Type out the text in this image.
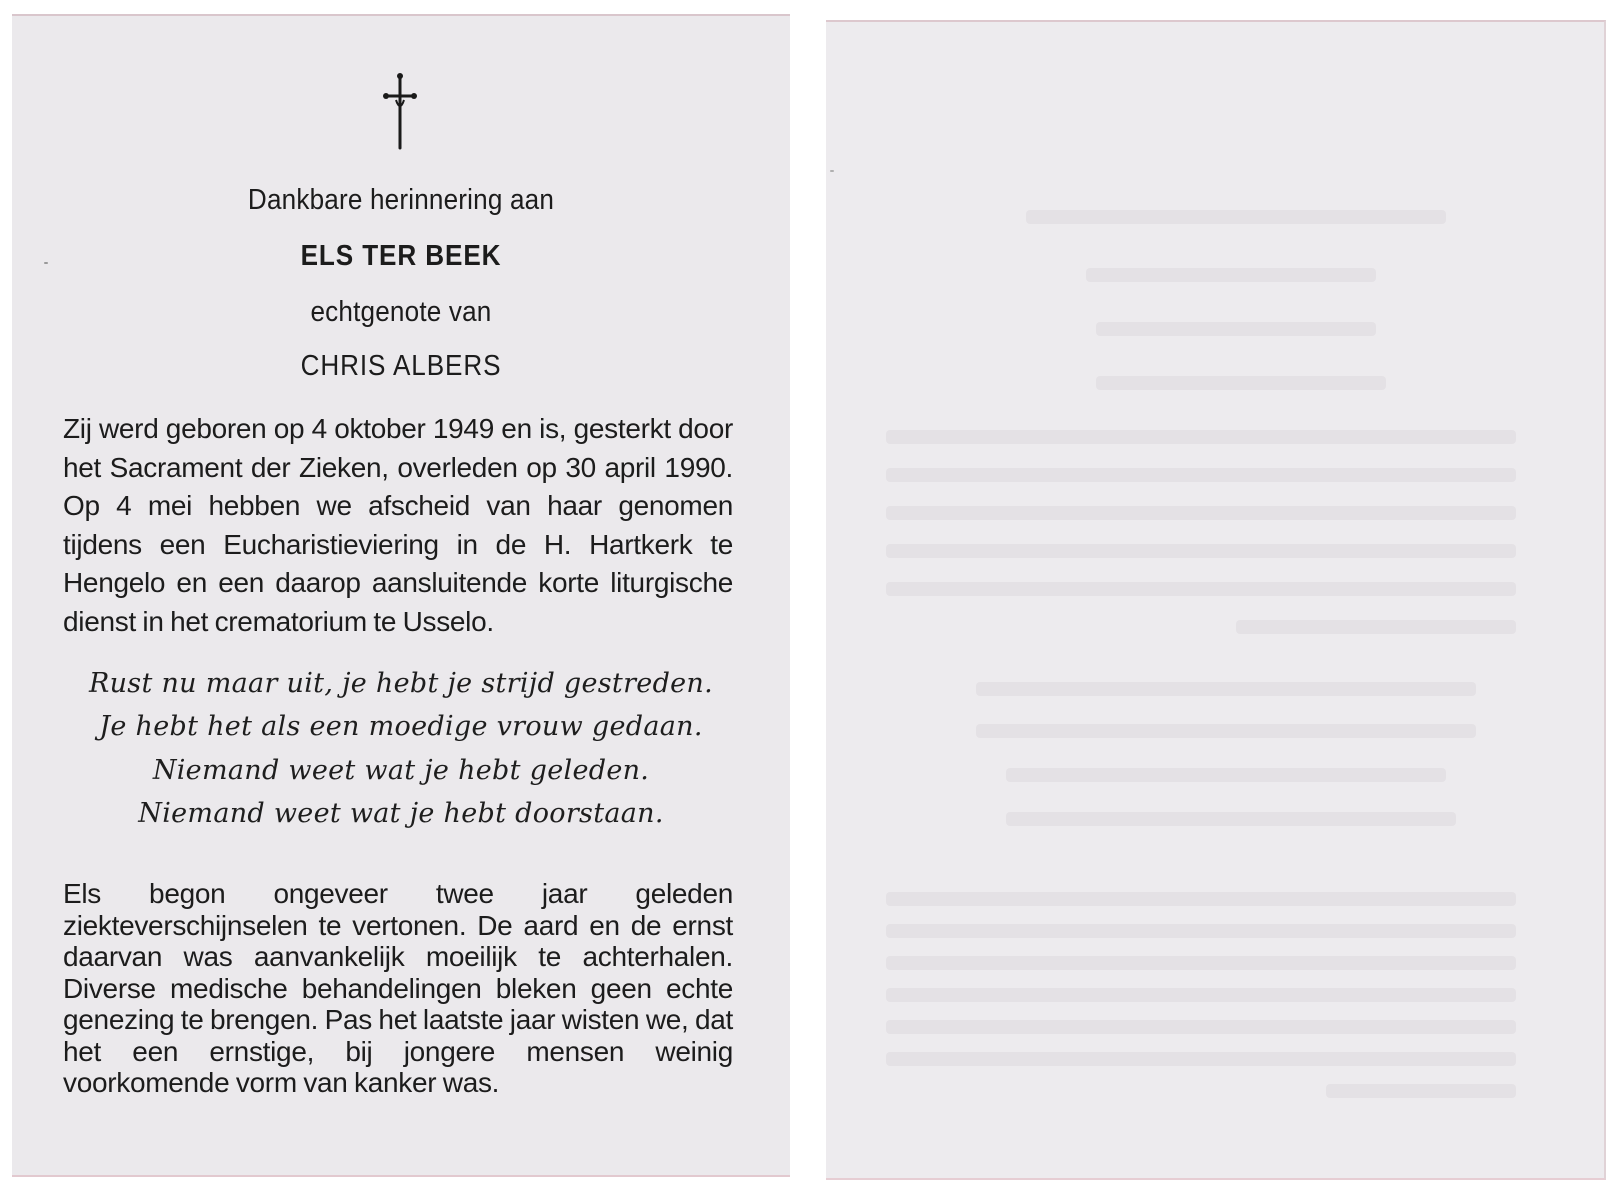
Dankbare herinnering aan
ELS TER BEEK
echtgenote van
CHRIS ALBERS
Zij werd geboren op 4 oktober 1949 en is, gesterkt door het Sacrament der Zieken, overleden op 30 april 1990. Op 4 mei hebben we afscheid van haar genomen tijdens een Eucharistieviering in de H. Hartkerk te Hengelo en een daarop aansluitende korte liturgische dienst in het crematorium te Usselo.
Rust nu maar uit, je hebt je strijd gestreden.
Je hebt het als een moedige vrouw gedaan.
Niemand weet wat je hebt geleden.
Niemand weet wat je hebt doorstaan.
Els begon ongeveer twee jaar geleden ziekteverschijnselen te vertonen. De aard en de ernst daarvan was aanvankelijk moeilijk te achterhalen. Diverse medische behandelingen bleken geen echte genezing te brengen. Pas het laatste jaar wisten we, dat het een ernstige, bij jongere mensen weinig voorkomende vorm van kanker was.
